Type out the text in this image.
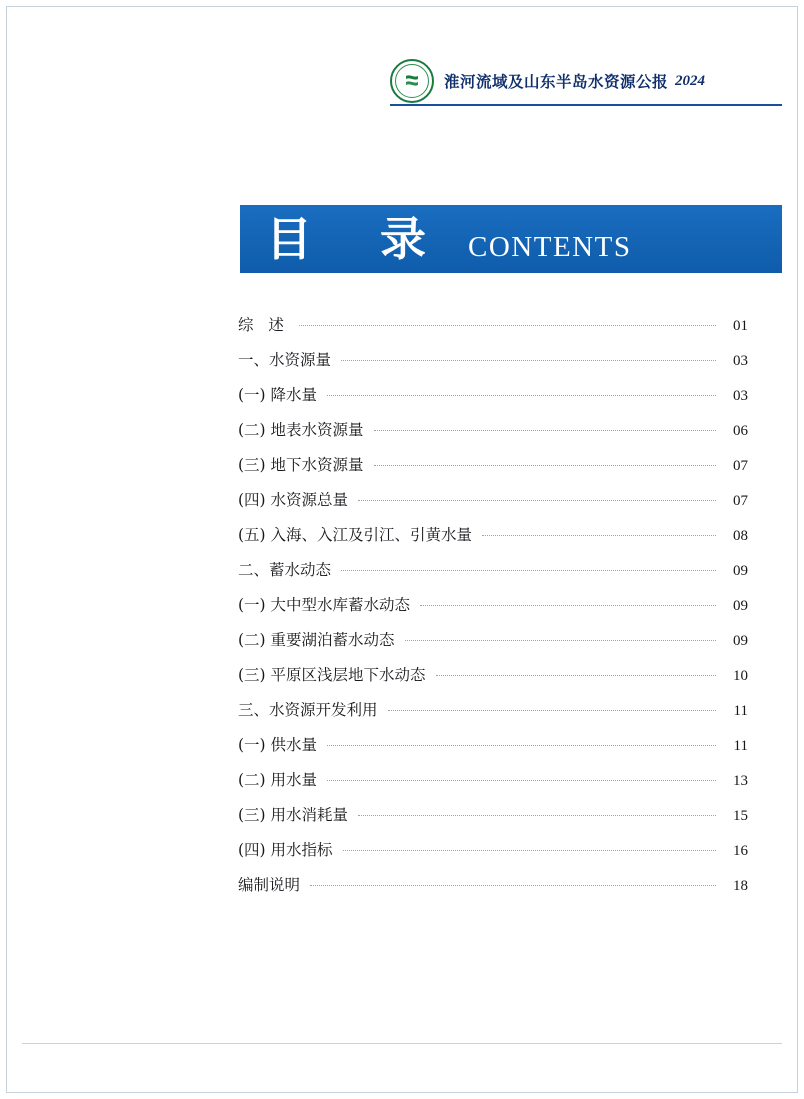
淮河流域及山东半岛水资源公报 2024
目 录 CONTENTS
综 述	01
一、水资源量	03
(一) 降水量	03
(二) 地表水资源量	06
(三) 地下水资源量	07
(四) 水资源总量	07
(五) 入海、入江及引江、引黄水量	08
二、蓄水动态	09
(一) 大中型水库蓄水动态	09
(二) 重要湖泊蓄水动态	09
(三) 平原区浅层地下水动态	10
三、水资源开发利用	11
(一) 供水量	11
(二) 用水量	13
(三) 用水消耗量	15
(四) 用水指标	16
编制说明	18
